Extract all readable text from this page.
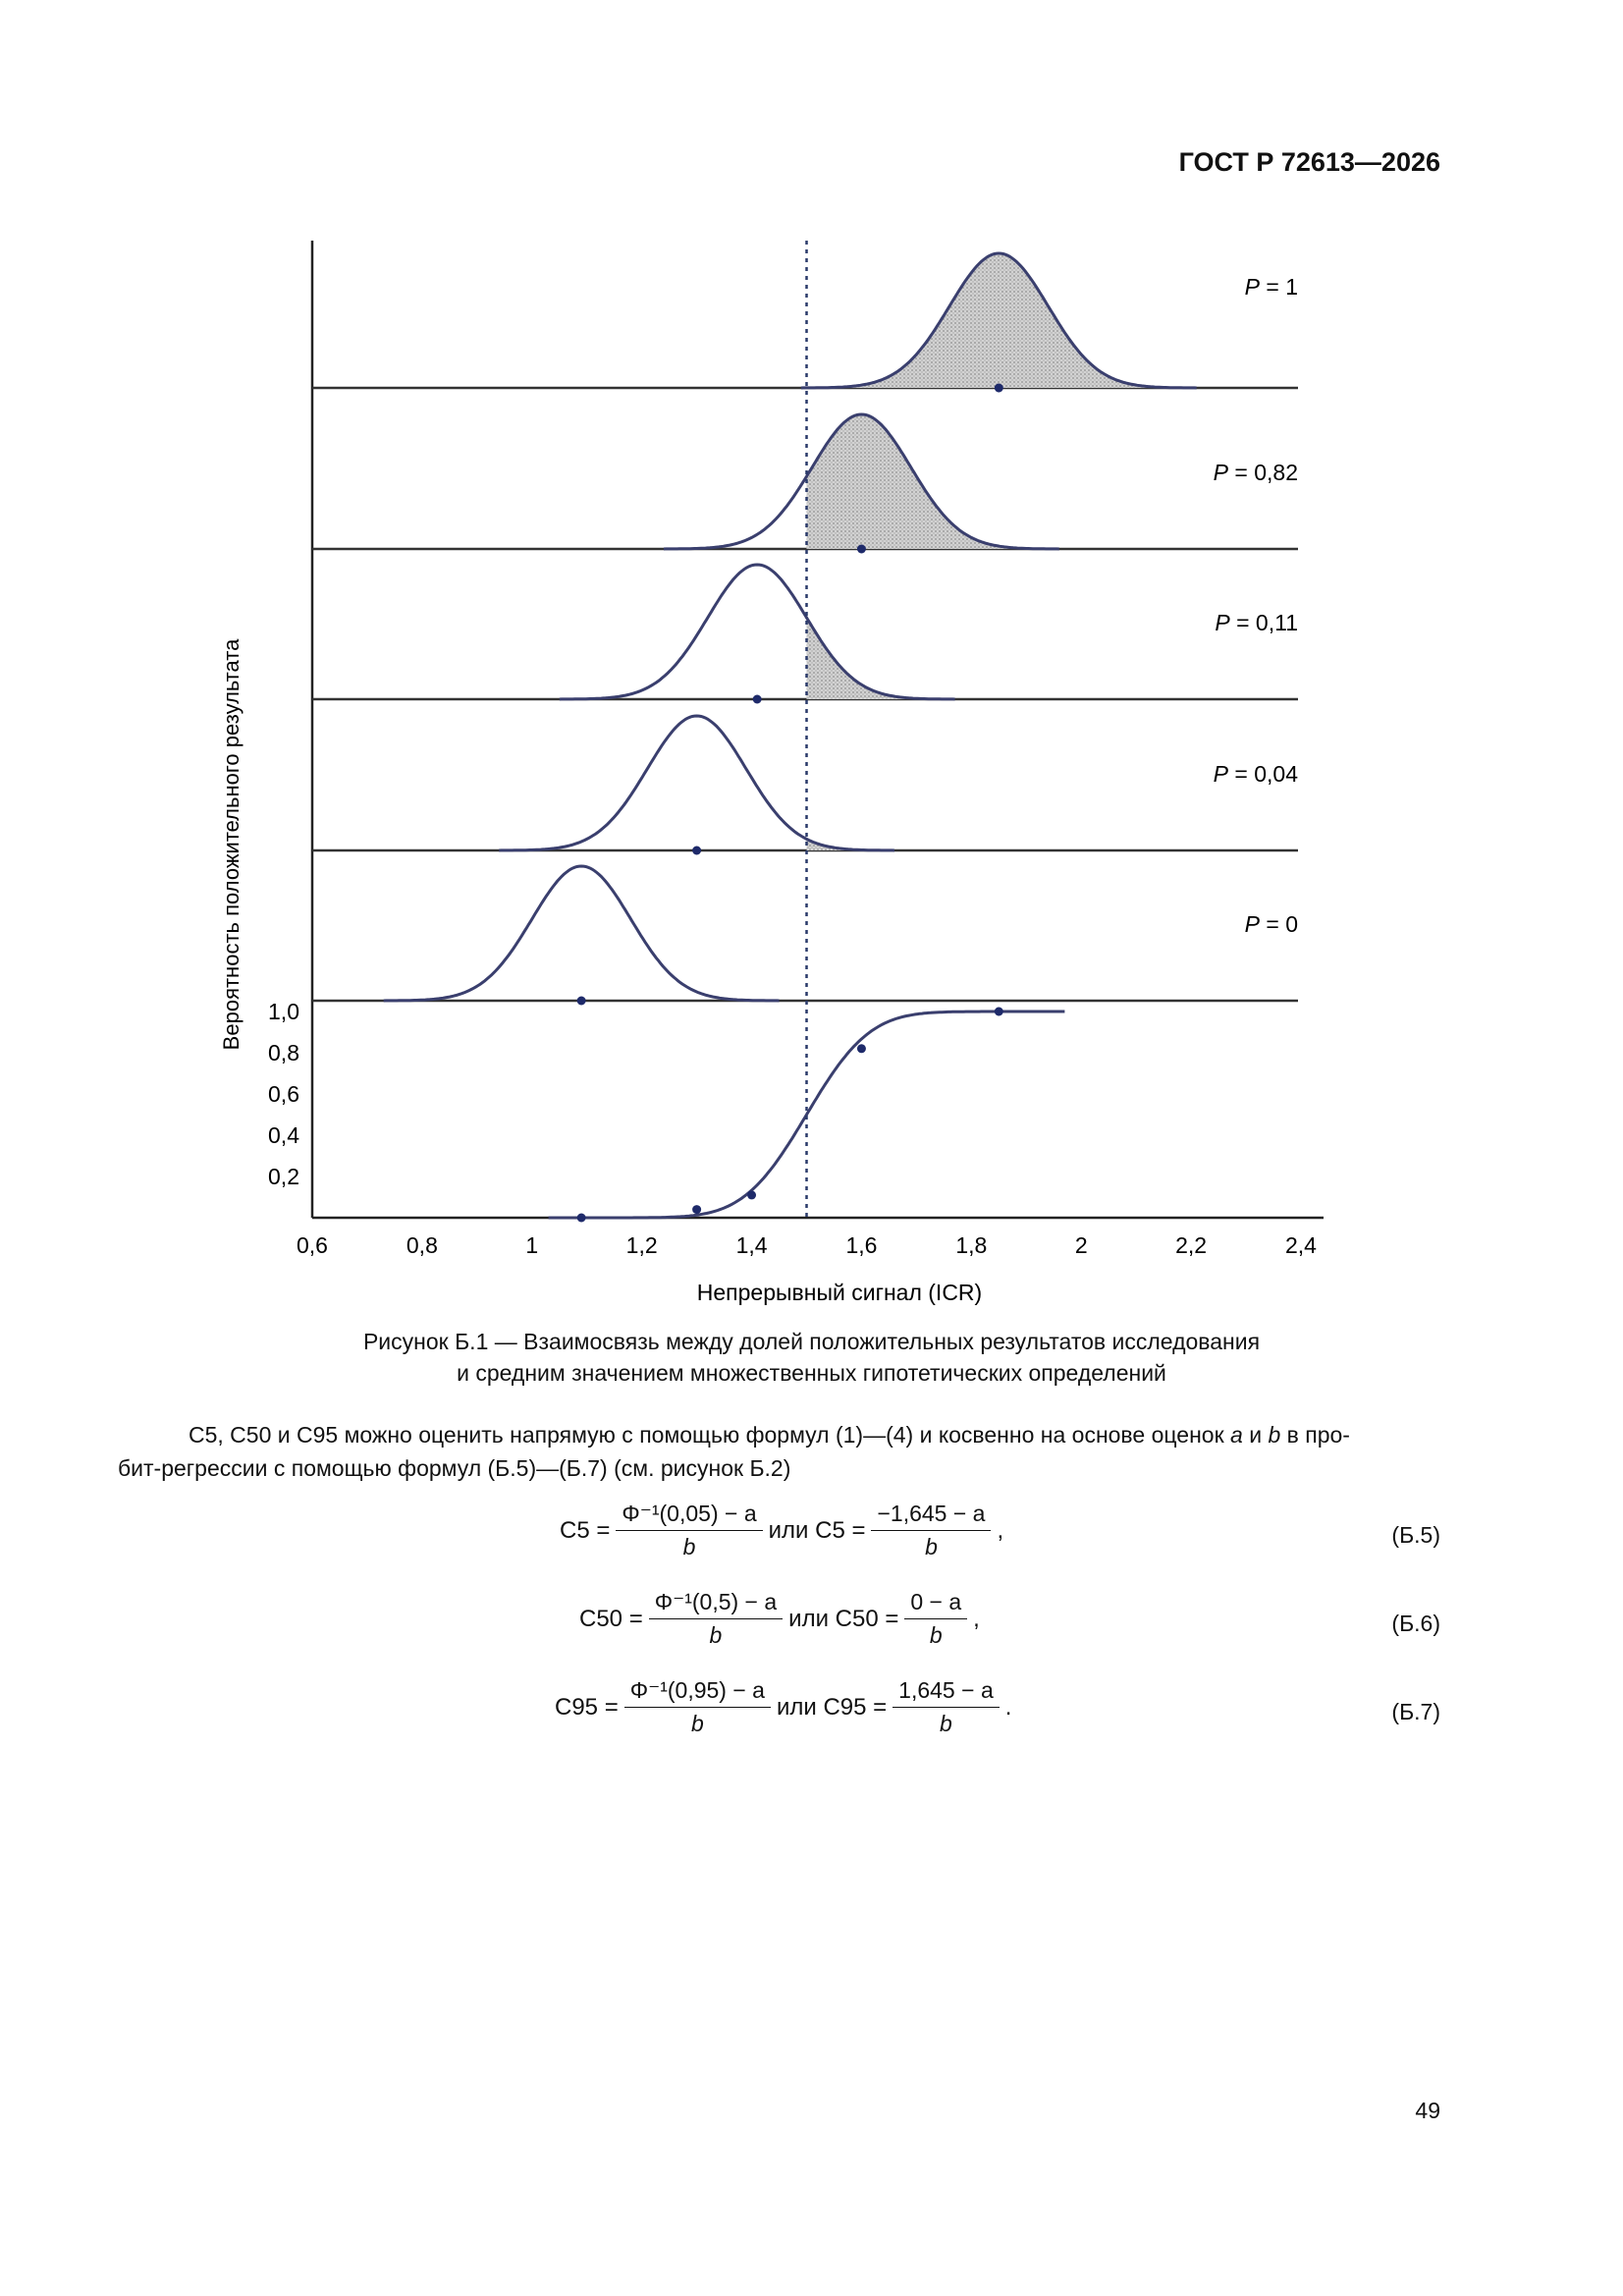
ГОСТ Р 72613—2026
P = 1
P = 0,82
P = 0,11
P = 0,04
P = 0
1,0
0,8
0,6
0,4
0,2
0,6	0,8	1	1,2	1,4	1,6	1,8	2	2,2	2,4
Вероятность положительного результата
Непрерывный сигнал (ICR)
Рисунок Б.1 — Взаимосвязь между долей положительных результатов исследования
и средним значением множественных гипотетических определений
С5, С50 и С95 можно оценить напрямую с помощью формул (1)—(4) и косвенно на основе оценок a и b в про-
бит-регрессии с помощью формул (Б.5)—(Б.7) (см. рисунок Б.2)
$С5 = \frac{\text{Φ⁻¹(0,05) − a}}{b}$ или $С5 = \frac{-1,645 - a}{b}$ ,	(Б.5)
$С50 = \frac{\text{Φ⁻¹(0,5) − a}}{b}$ или $С50 = \frac{0 - a}{b}$ ,	(Б.6)
$С95 = \frac{\text{Φ⁻¹(0,95) − a}}{b}$ или $С95 = \frac{1,645 - a}{b}$ .	(Б.7)
49
